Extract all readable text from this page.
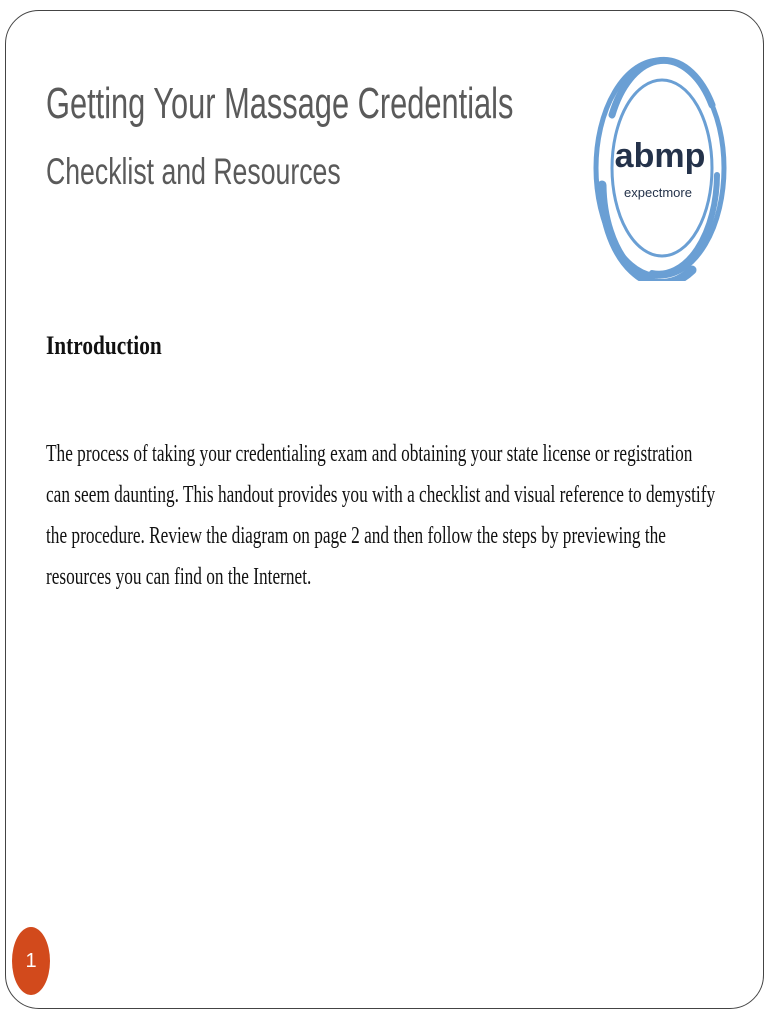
Getting Your Massage Credentials
Checklist and Resources	abmp
expectmore
Introduction
The process of taking your credentialing exam and obtaining your state license or registration
can seem daunting. This handout provides you with a checklist and visual reference to demystify
the procedure. Review the diagram on page 2 and then follow the steps by previewing the
resources you can find on the Internet.
1
